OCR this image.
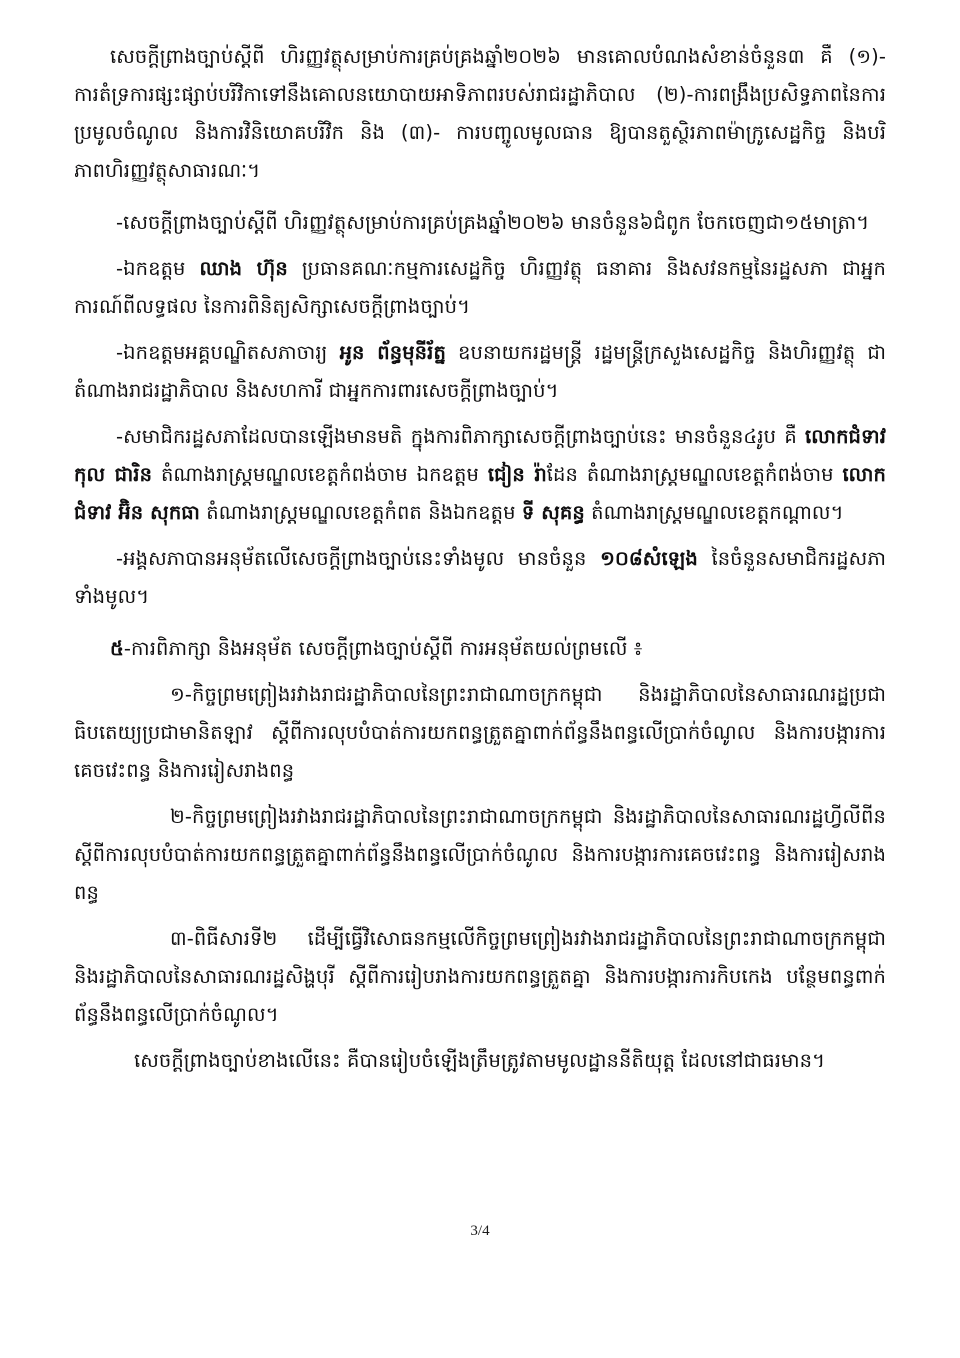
សេចក្តីព្រាងច្បាប់ស្តីពី ហិរញ្ញវត្ថុសម្រាប់ការគ្រប់គ្រងឆ្នាំ២០២៦ មានគោលបំណងសំខាន់ចំនួន៣ គឺ (១)-ការតំទ្រការផ្សះផ្សាប់បរិវិកាទៅនឹងគោលនយោបាយអាទិភាពរបស់រាជរដ្ឋាភិបាល (២)-ការពង្រឹងប្រសិទ្ធភាពនៃការប្រមូលចំណូល និងការវិនិយោគបរិវិក និង (៣)- ការបញ្ចូលមូលធាន ឱ្យបានតួស្ថិរភាពម៉ាក្រូសេដ្ឋកិច្ច និងបរិភាពហិរញ្ញវត្ថុសាធារណៈ។

-សេចក្តីព្រាងច្បាប់ស្តីពី ហិរញ្ញវត្ថុសម្រាប់ការគ្រប់គ្រងឆ្នាំ២០២៦ មានចំនួន៦ជំពូក ចែកចេញជា១៥មាត្រា។

-ឯកឧត្តម ឈាង ហ៊ុន ប្រធានគណៈកម្មការសេដ្ឋកិច្ច ហិរញ្ញវត្ថុ ធនាគារ និងសវនកម្មនៃរដ្ឋសភា ជាអ្នកការណ៍ពីលទ្ធផល នៃការពិនិត្យសិក្សាសេចក្តីព្រាងច្បាប់។

-ឯកឧត្តមអគ្គបណ្ឌិតសភាចារ្យ អូន ព័ន្ធមុនីរ័ត្ន ឧបនាយករដ្ឋមន្ត្រី រដ្ឋមន្ត្រីក្រសួងសេដ្ឋកិច្ច និងហិរញ្ញវត្ថុ ជាតំណាងរាជរដ្ឋាភិបាល និងសហការី ជាអ្នកការពារសេចក្តីព្រាងច្បាប់។

-សមាជិករដ្ឋសភាដែលបានឡើងមានមតិ ក្នុងការពិភាក្សាសេចក្តីព្រាងច្បាប់នេះ មានចំនួន៤រូប គឺ លោកជំទាវ កុល ជារិន តំណាងរាស្ត្រមណ្ឌលខេត្តកំពង់ចាម ឯកឧត្តម ជៀន រ៉ាដែន តំណាងរាស្ត្រមណ្ឌលខេត្តកំពង់ចាម លោកជំទាវ អ៊ិន សុកធា តំណាងរាស្ត្រមណ្ឌលខេត្តកំពត និងឯកឧត្តម ទី សុគន្ធ តំណាងរាស្ត្រមណ្ឌលខេត្តកណ្តាល។

-អង្គសភាបានអនុម័តលើសេចក្តីព្រាងច្បាប់នេះទាំងមូល មានចំនួន ១០៨សំឡេង នៃចំនួនសមាជិករដ្ឋសភាទាំងមូល។

៥-ការពិភាក្សា និងអនុម័ត សេចក្តីព្រាងច្បាប់ស្តីពី ការអនុម័តយល់ព្រមលើ ៖

១-កិច្ចព្រមព្រៀងរវាងរាជរដ្ឋាភិបាលនៃព្រះរាជាណាចក្រកម្ពុជា និងរដ្ឋាភិបាលនៃសាធារណរដ្ឋប្រជាធិបតេយ្យប្រជាមានិតឡាវ ស្តីពីការលុបបំបាត់ការយកពន្ធត្រួតគ្នាពាក់ព័ន្ធនឹងពន្ធលើប្រាក់ចំណូល និងការបង្ការការគេចវេះពន្ធ និងការរៀសរាងពន្ធ

២-កិច្ចព្រមព្រៀងរវាងរាជរដ្ឋាភិបាលនៃព្រះរាជាណាចក្រកម្ពុជា និងរដ្ឋាភិបាលនៃសាធារណរដ្ឋហ្វីលីពីន ស្តីពីការលុបបំបាត់ការយកពន្ធត្រួតគ្នាពាក់ព័ន្ធនឹងពន្ធលើប្រាក់ចំណូល និងការបង្ការការគេចវេះពន្ធ និងការរៀសរាងពន្ធ

៣-ពិធីសារទី២ ដើម្បីធ្វើវិសោធនកម្មលើកិច្ចព្រមព្រៀងរវាងរាជរដ្ឋាភិបាលនៃព្រះរាជាណាចក្រកម្ពុជា និងរដ្ឋាភិបាលនៃសាធារណរដ្ឋសិង្ហបុរី ស្តីពីការរៀបរាងការយកពន្ធត្រួតគ្នា និងការបង្ការការកិបកេង បន្ថែមពន្ធពាក់ព័ន្ធនឹងពន្ធលើប្រាក់ចំណូល។

សេចក្តីព្រាងច្បាប់ខាងលើនេះ គឺបានរៀបចំឡើងត្រឹមត្រូវតាមមូលដ្ឋាននីតិយុត្ត ដែលនៅជាធរមាន។

3/4
